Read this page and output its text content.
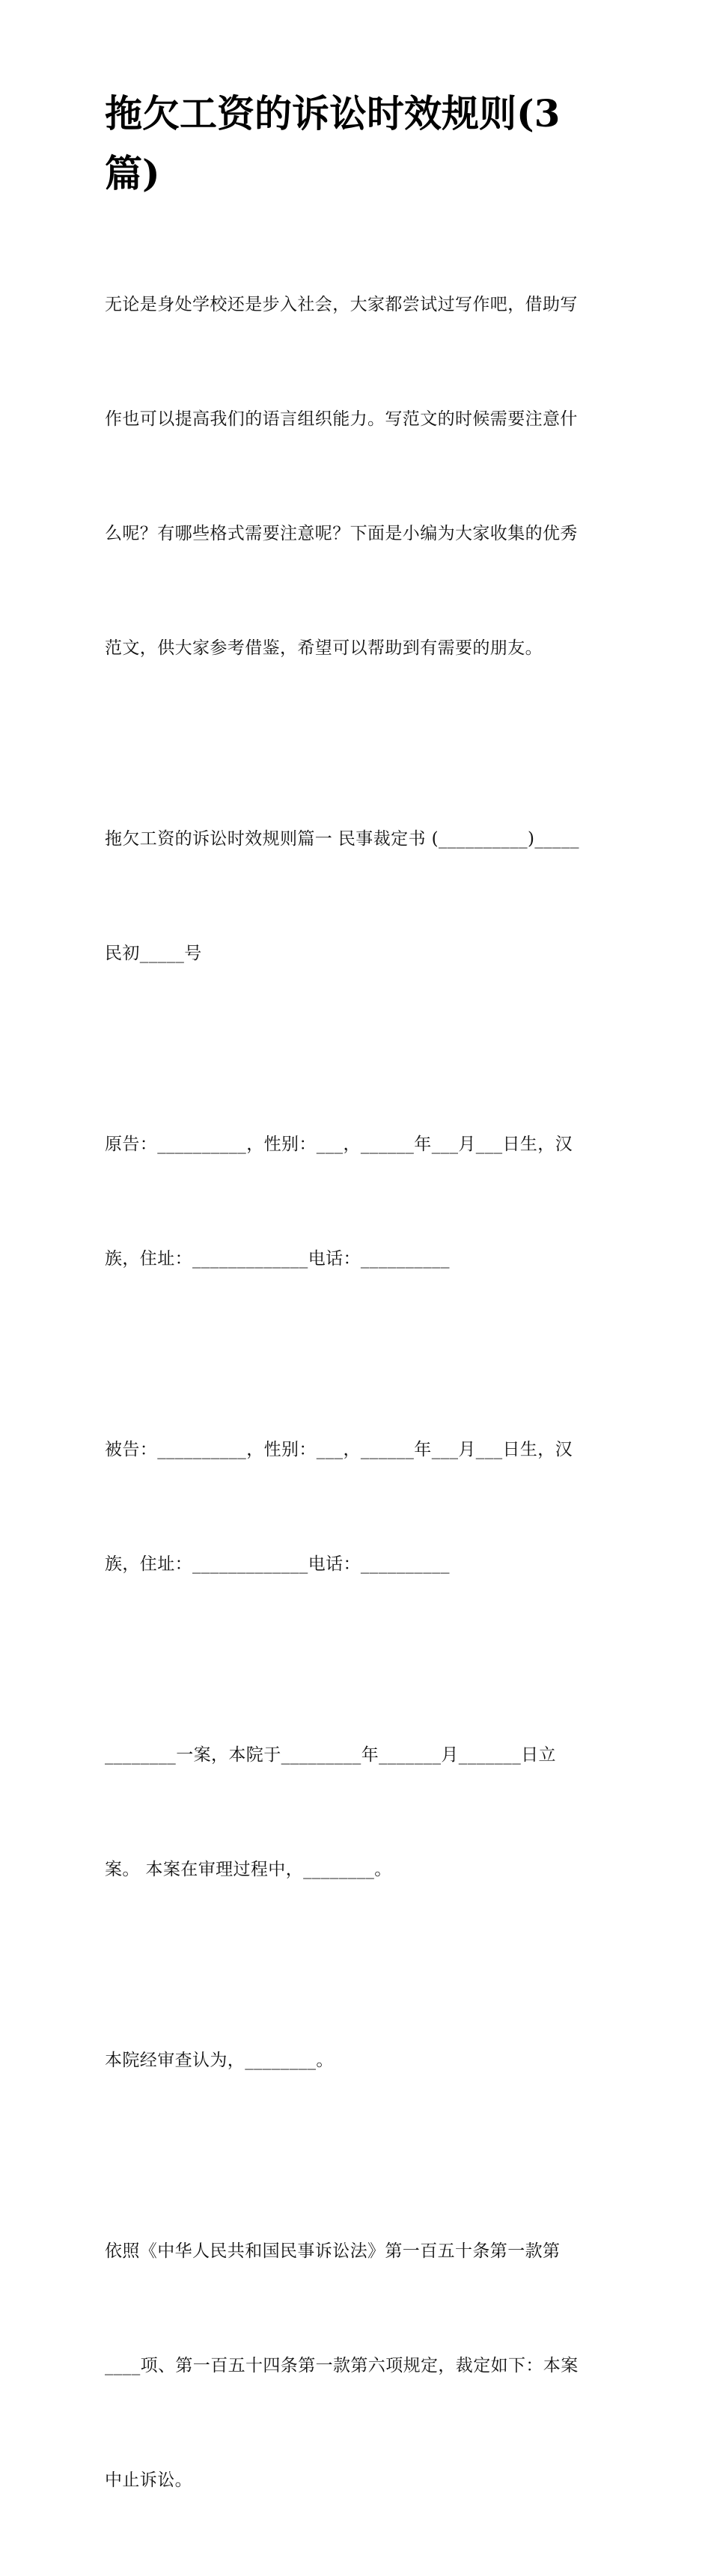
拖欠工资的诉讼时效规则(3
篇)

无论是身处学校还是步入社会，大家都尝试过写作吧，借助写

作也可以提高我们的语言组织能力。写范文的时候需要注意什

么呢？有哪些格式需要注意呢？下面是小编为大家收集的优秀

范文，供大家参考借鉴，希望可以帮助到有需要的朋友。

拖欠工资的诉讼时效规则篇一 民事裁定书 (__________)_____

民初_____号

原告：__________，性别：___，______年___月___日生，汉

族，住址：_____________电话：__________

被告：__________，性别：___，______年___月___日生，汉

族，住址：_____________电话：__________

________一案，本院于_________年_______月_______日立

案。 本案在审理过程中，________。

本院经审查认为，________。

依照《中华人民共和国民事诉讼法》第一百五十条第一款第

____项、第一百五十四条第一款第六项规定，裁定如下：本案

中止诉讼。
